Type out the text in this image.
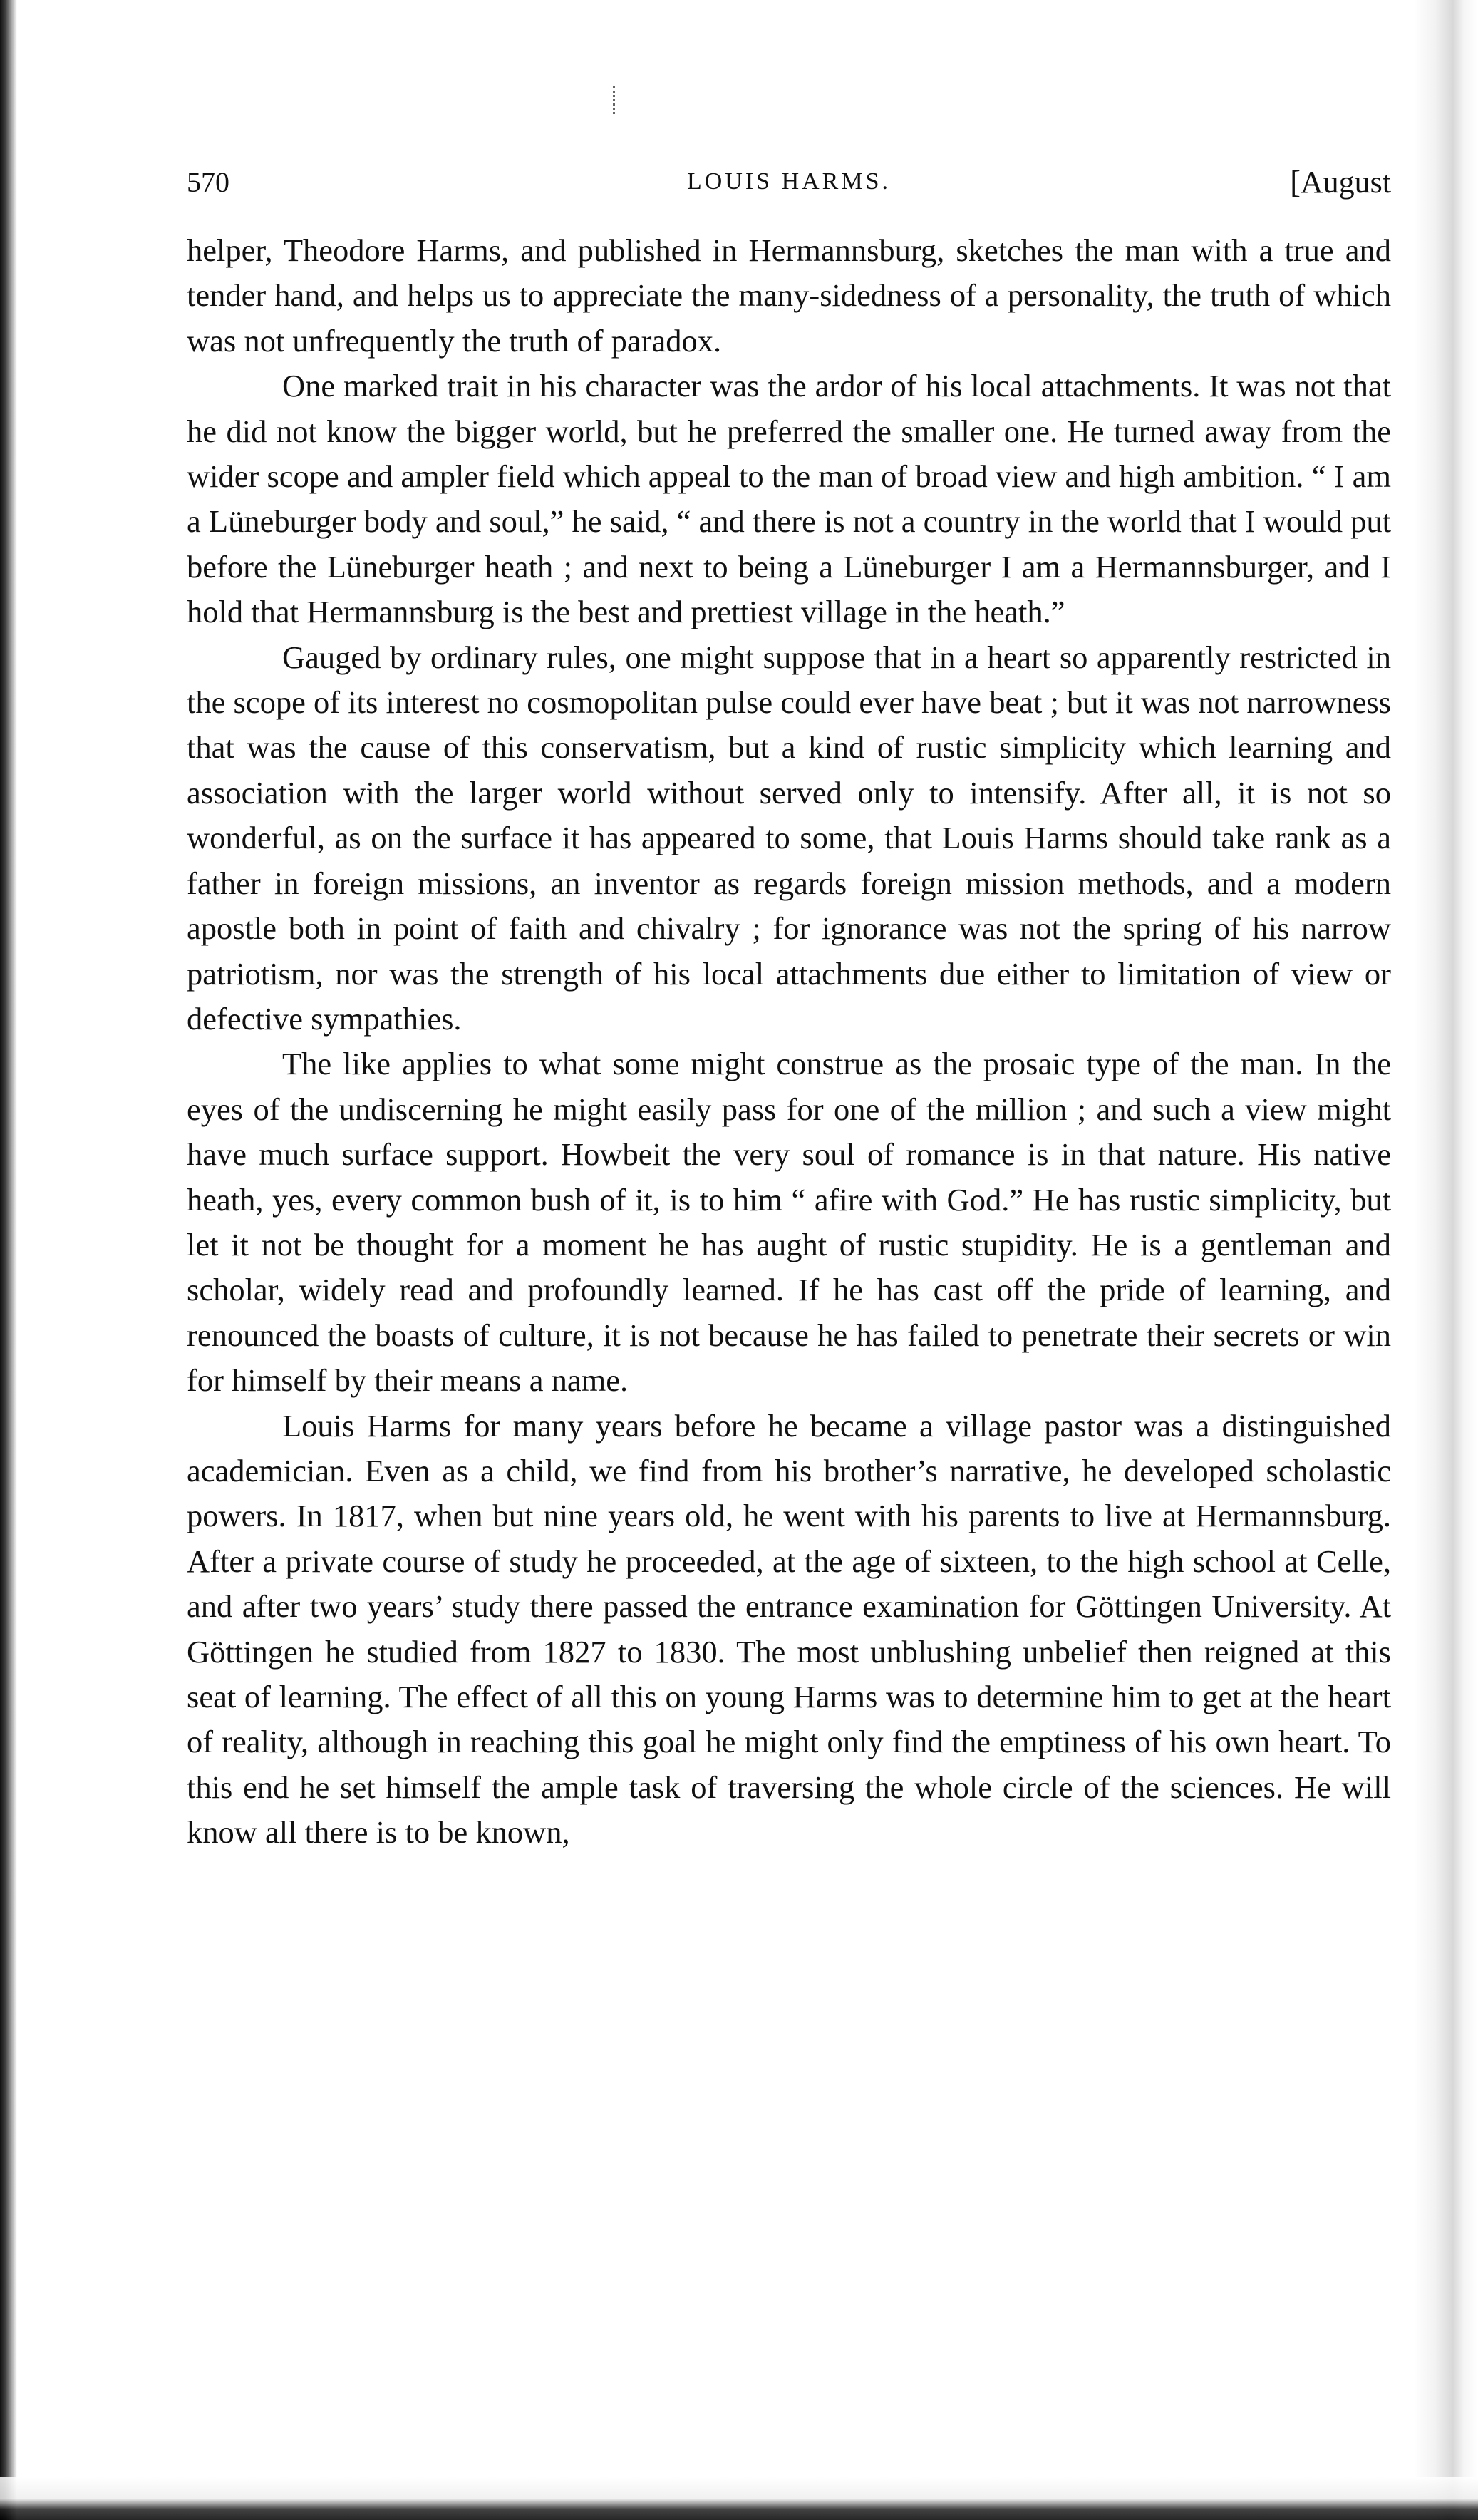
570	LOUIS HARMS.	[August

helper, Theodore Harms, and published in Hermannsburg, sketches the man with a true and tender hand, and helps us to appreciate the many-sidedness of a personality, the truth of which was not unfrequently the truth of paradox.

One marked trait in his character was the ardor of his local attachments. It was not that he did not know the bigger world, but he preferred the smaller one. He turned away from the wider scope and ampler field which appeal to the man of broad view and high ambition. “ I am a Lüneburger body and soul,” he said, “ and there is not a country in the world that I would put before the Lüneburger heath ; and next to being a Lüneburger I am a Hermannsburger, and I hold that Hermannsburg is the best and prettiest village in the heath.”

Gauged by ordinary rules, one might suppose that in a heart so apparently restricted in the scope of its interest no cosmopolitan pulse could ever have beat ; but it was not narrowness that was the cause of this conservatism, but a kind of rustic simplicity which learning and association with the larger world without served only to intensify. After all, it is not so wonderful, as on the surface it has appeared to some, that Louis Harms should take rank as a father in foreign missions, an inventor as regards foreign mission methods, and a modern apostle both in point of faith and chivalry ; for ignorance was not the spring of his narrow patriotism, nor was the strength of his local attachments due either to limitation of view or defective sympathies.

The like applies to what some might construe as the prosaic type of the man. In the eyes of the undiscerning he might easily pass for one of the million ; and such a view might have much surface support. Howbeit the very soul of romance is in that nature. His native heath, yes, every common bush of it, is to him “ afire with God.” He has rustic simplicity, but let it not be thought for a moment he has aught of rustic stupidity. He is a gentleman and scholar, widely read and profoundly learned. If he has cast off the pride of learning, and renounced the boasts of culture, it is not because he has failed to penetrate their secrets or win for himself by their means a name.

Louis Harms for many years before he became a village pastor was a distinguished academician. Even as a child, we find from his brother’s narrative, he developed scholastic powers. In 1817, when but nine years old, he went with his parents to live at Hermannsburg. After a private course of study he proceeded, at the age of sixteen, to the high school at Celle, and after two years’ study there passed the entrance examination for Göttingen University. At Göttingen he studied from 1827 to 1830. The most unblushing unbelief then reigned at this seat of learning. The effect of all this on young Harms was to determine him to get at the heart of reality, although in reaching this goal he might only find the emptiness of his own heart. To this end he set himself the ample task of traversing the whole circle of the sciences. He will know all there is to be known,
